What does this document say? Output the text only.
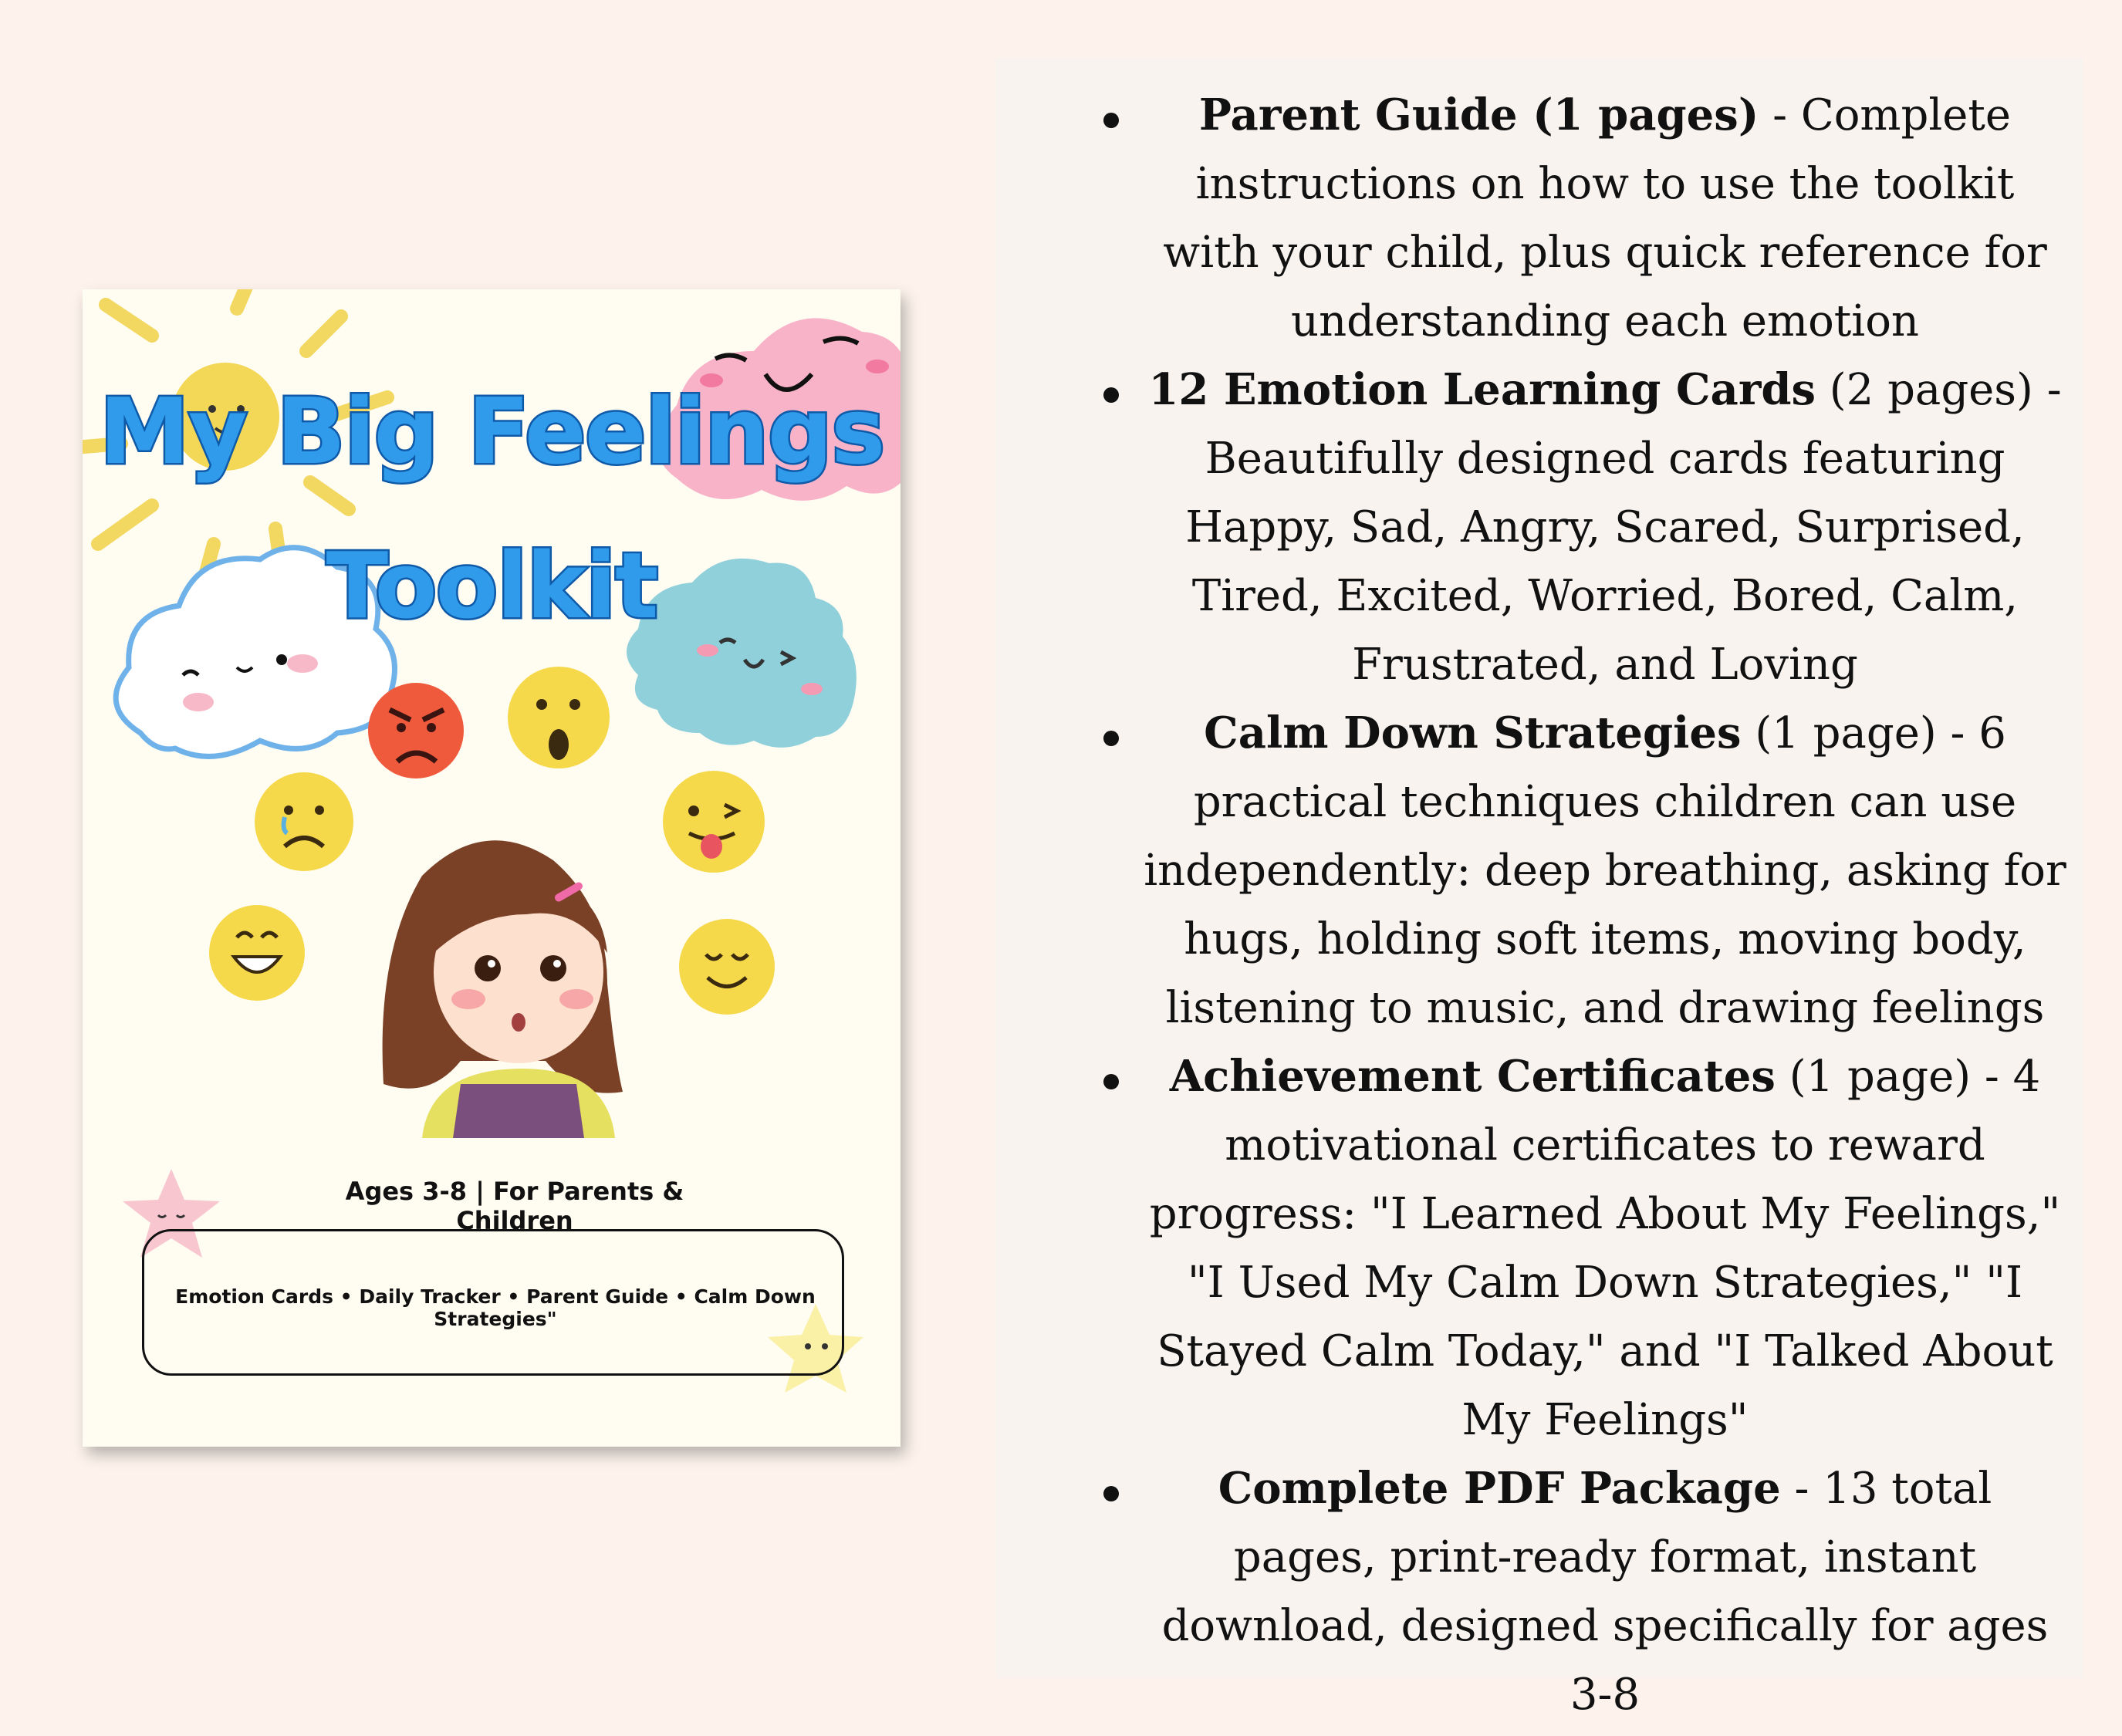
My Big Feelings
Toolkit
Ages 3-8 | For Parents & Children
Emotion Cards • Daily Tracker • Parent Guide • Calm Down Strategies"
Parent Guide (1 pages) - Complete instructions on how to use the toolkit with your child, plus quick reference for understanding each emotion
12 Emotion Learning Cards (2 pages) - Beautifully designed cards featuring Happy, Sad, Angry, Scared, Surprised, Tired, Excited, Worried, Bored, Calm, Frustrated, and Loving
Calm Down Strategies (1 page) - 6 practical techniques children can use independently: deep breathing, asking for hugs, holding soft items, moving body, listening to music, and drawing feelings
Achievement Certificates (1 page) - 4 motivational certificates to reward progress: "I Learned About My Feelings," "I Used My Calm Down Strategies," "I Stayed Calm Today," and "I Talked About My Feelings"
Complete PDF Package - 13 total pages, print-ready format, instant download, designed specifically for ages 3-8
